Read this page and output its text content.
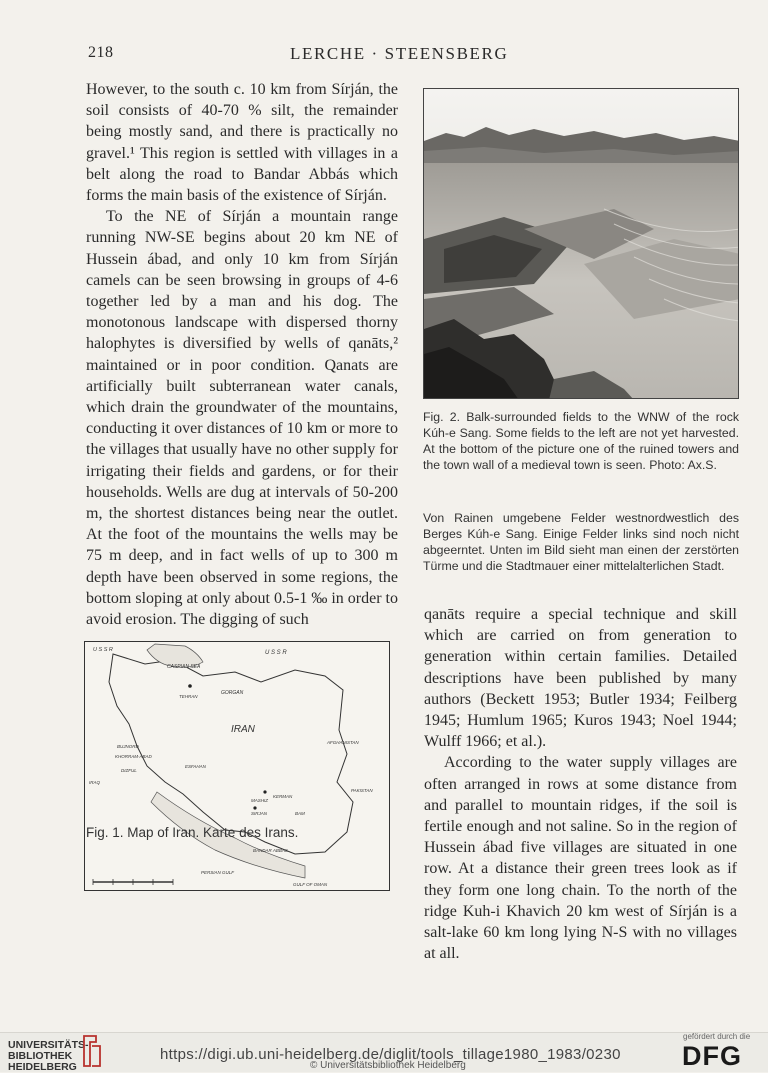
218	LERCHE · STEENSBERG

However, to the south c. 10 km from Sírján, the soil consists of 40-70 % silt, the remainder being mostly sand, and there is practically no gravel.¹ This region is settled with villages in a belt along the road to Bandar Abbás which forms the main basis of the existence of Sírján.

To the NE of Sírján a mountain range running NW-SE begins about 20 km NE of Hussein ábad, and only 10 km from Sírján camels can be seen browsing in groups of 4-6 together led by a man and his dog. The monotonous landscape with dispersed thorny halophytes is diversified by wells of qanāts,² maintained or in poor condition. Qanats are artificially built subterranean water canals, which drain the groundwater of the mountains, conducting it over distances of 10 km or more to the villages that usually have no other supply for irrigating their fields and gardens, or for their households. Wells are dug at intervals of 50-200 m, the shortest distances being near the outlet. At the foot of the mountains the wells may be 75 m deep, and in fact wells of up to 300 m depth have been observed in some regions, the bottom sloping at only about 0.5-1 ‰ in order to avoid erosion. The digging of such

Fig. 2. Balk-surrounded fields to the WNW of the rock Kúh-e Sang. Some fields to the left are not yet harvested. At the bottom of the picture one of the ruined towers and the town wall of a medieval town is seen. Photo: Ax.S.
Von Rainen umgebene Felder westnordwestlich des Berges Kúh-e Sang. Einige Felder links sind noch nicht abgeerntet. Unten im Bild sieht man einen der zerstörten Türme und die Stadtmauer einer mittelalterlichen Stadt.

qanāts require a special technique and skill which are carried on from generation to generation within certain families. Detailed descriptions have been published by many authors (Beckett 1953; Butler 1934; Feilberg 1945; Humlum 1965; Kuros 1943; Noel 1944; Wulff 1966; et al.).

According to the water supply villages are often arranged in rows at some distance from and parallel to mountain ridges, if the soil is fertile enough and not saline. So in the region of Hussein ábad five villages are situated in one row. At a distance their green trees look as if they form one long chain. To the north of the ridge Kuh-i Khavich 20 km west of Sírján is a salt-lake 60 km long lying N-S with no villages at all.

U S S R	U S S R
CASPIAN SEA
GORGAN
TEHRAN
IRAN
AFGHANISTAN
BUJNORD
KHORRAM-ABAD
ESFAHAN
DIZFUL
IRAQ
KERMAN
MASHIZ
SIRJAN	BAM
PAKISTAN
BANDAR ABBAS
PERSIAN GULF
GULF OF OMAN
Fig. 1. Map of Iran. Karte des Irans.
UNIVERSITÄTS-
BIBLIOTHEK
HEIDELBERG
https://digi.ub.uni-heidelberg.de/diglit/tools_tillage1980_1983/0230
© Universitätsbibliothek Heidelberg
gefördert durch die
DFG
